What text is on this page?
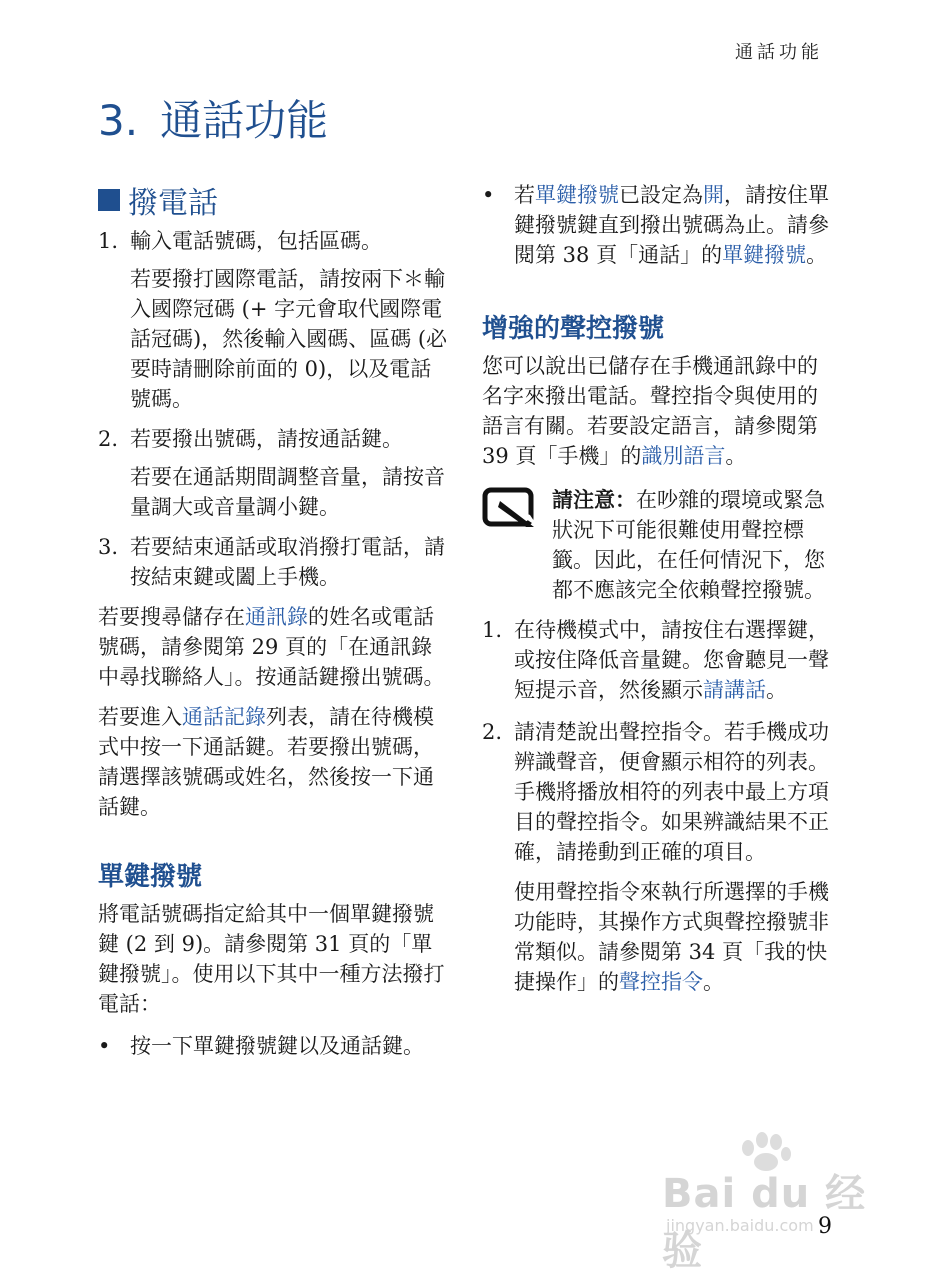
通話功能
3. 通話功能
撥電話
1. 輸入電話號碼，包括區碼。

若要撥打國際電話，請按兩下＊輸入國際冠碼 (+ 字元會取代國際電話冠碼)，然後輸入國碼、區碼 (必要時請刪除前面的 0)，以及電話號碼。

2. 若要撥出號碼，請按通話鍵。

若要在通話期間調整音量，請按音量調大或音量調小鍵。

3. 若要結束通話或取消撥打電話，請按結束鍵或闔上手機。

若要搜尋儲存在通訊錄的姓名或電話號碼，請參閱第 29 頁的「在通訊錄中尋找聯絡人」。按通話鍵撥出號碼。

若要進入通話記錄列表，請在待機模式中按一下通話鍵。若要撥出號碼，請選擇該號碼或姓名，然後按一下通話鍵。

單鍵撥號

將電話號碼指定給其中一個單鍵撥號鍵 (2 到 9)。請參閱第 31 頁的「單鍵撥號」。使用以下其中一種方法撥打電話：

• 按一下單鍵撥號鍵以及通話鍵。
• 若單鍵撥號已設定為開，請按住單鍵撥號鍵直到撥出號碼為止。請參閱第 38 頁「通話」的單鍵撥號。
增強的聲控撥號

您可以說出已儲存在手機通訊錄中的名字來撥出電話。聲控指令與使用的語言有關。若要設定語言，請參閱第 39 頁「手機」的識別語言。

請注意：在吵雜的環境或緊急狀況下可能很難使用聲控標籤。因此，在任何情況下，您都不應該完全依賴聲控撥號。
1. 在待機模式中，請按住右選擇鍵，或按住降低音量鍵。您會聽見一聲短提示音，然後顯示請講話。
2. 請清楚說出聲控指令。若手機成功辨識聲音，便會顯示相符的列表。手機將播放相符的列表中最上方項目的聲控指令。如果辨識結果不正確，請捲動到正確的項目。

使用聲控指令來執行所選擇的手機功能時，其操作方式與聲控撥號非常類似。請參閱第 34 頁「我的快捷操作」的聲控指令。

Bai du 经验
jingyan.baidu.com 9
